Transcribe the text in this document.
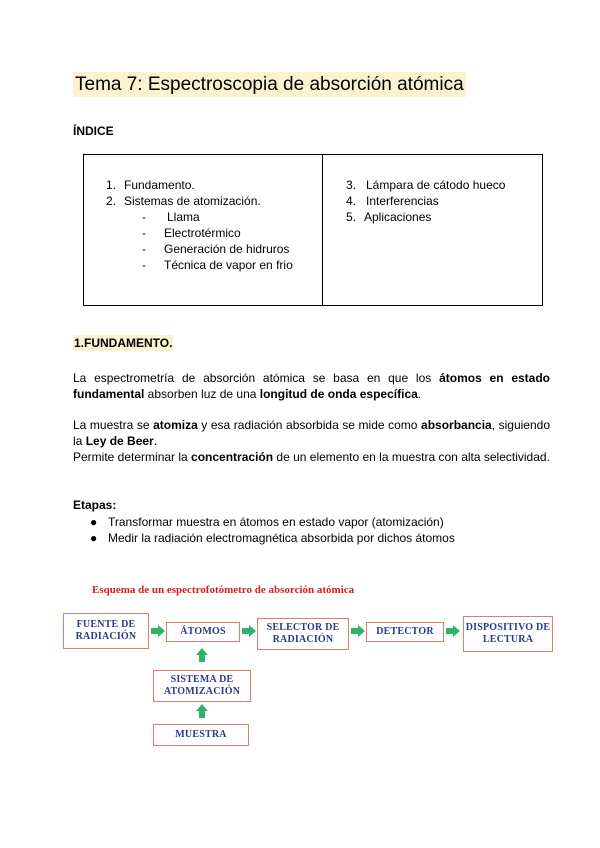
Tema 7: Espectroscopia de absorción atómica
ÍNDICE
1. Fundamento.
2. Sistemas de atomización.
- Llama
- Electrotérmico
- Generación de hidruros
- Técnica de vapor en frio
3. Lámpara de cátodo hueco
4. Interferencias
5. Aplicaciones
1.FUNDAMENTO.
La espectrometría de absorción atómica se basa en que los átomos en estado fundamental absorben luz de una longitud de onda específica.
La muestra se atomiza y esa radiación absorbida se mide como absorbancia, siguiendo la Ley de Beer.
Permite determinar la concentración de un elemento en la muestra con alta selectividad.
Etapas:
● Transformar muestra en átomos en estado vapor (atomización)
● Medir la radiación electromagnética absorbida por dichos átomos
Esquema de un espectrofotómetro de absorción atómica
FUENTE DE RADIACIÓN	ÁTOMOS	SELECTOR DE RADIACIÓN
DETECTOR	DISPOSITIVO DE LECTURA
SISTEMA DE ATOMIZACIÓN
MUESTRA
